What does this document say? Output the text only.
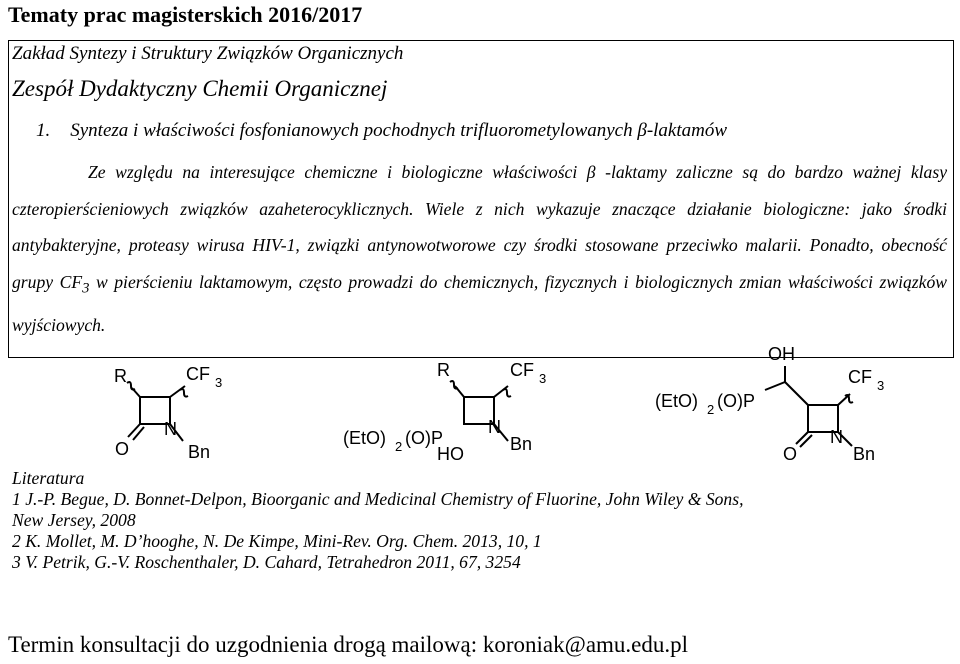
Tematy prac magisterskich 2016/2017
Zakład Syntezy i Struktury Związków Organicznych
Zespół Dydaktyczny Chemii Organicznej
1. Synteza i właściwości fosfonianowych pochodnych trifluorometylowanych β-laktamów
Ze względu na interesujące chemiczne i biologiczne właściwości β -laktamy zaliczne są do bardzo ważnej klasy czteropierścieniowych związków azaheterocyklicznych. Wiele z nich wykazuje znaczące działanie biologiczne: jako środki antybakteryjne, proteasy wirusa HIV-1, związki antynowotworowe czy środki stosowane przeciwko malarii. Ponadto, obecność grupy $CF_3$ w pierścieniu laktamowym, często prowadzi do chemicznych, fizycznych i biologicznych zmian właściwości związków wyjściowych.
R	CF 3
O
N
Bn
R	CF 3
(EtO) 2 (O)P
HO
N
Bn
OH
CF 3
(EtO) 2 (O)P
O
N
Bn
Literatura
1 J.-P. Begue, D. Bonnet-Delpon, Bioorganic and Medicinal Chemistry of Fluorine, John Wiley & Sons,
New Jersey, 2008
2 K. Mollet, M. D’hooghe, N. De Kimpe, Mini-Rev. Org. Chem. 2013, 10, 1
3 V. Petrik, G.-V. Roschenthaler, D. Cahard, Tetrahedron 2011, 67, 3254
Termin konsultacji do uzgodnienia drogą mailową: koroniak@amu.edu.pl
